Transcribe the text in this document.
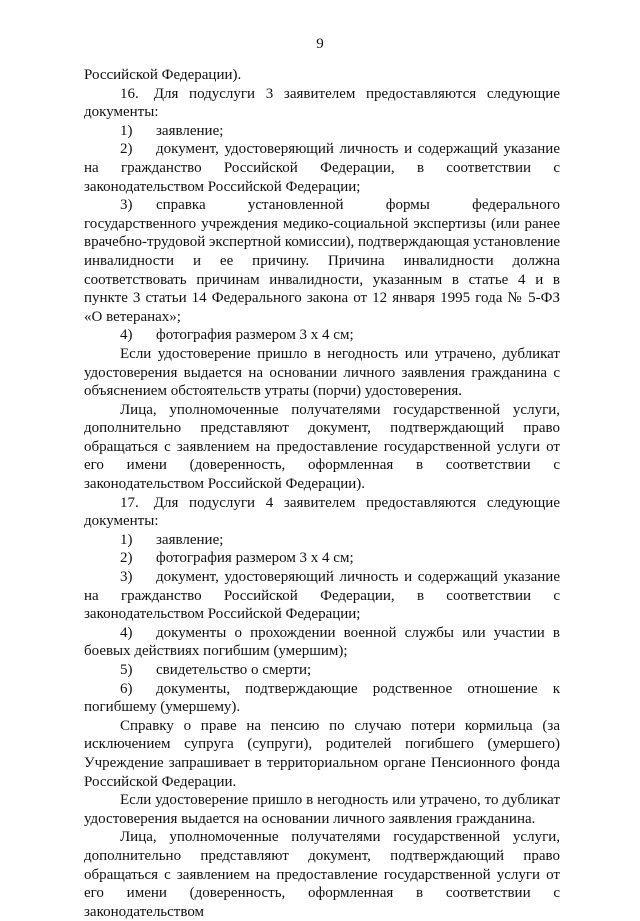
9

Российской Федерации).

16. Для подуслуги 3 заявителем предоставляются следующие документы:

1)	заявление;
2) документ, удостоверяющий личность и содержащий указание на гражданство Российской Федерации, в соответствии с законодательством Российской Федерации;
3) справка установленной формы федерального государственного учреждения медико-социальной экспертизы (или ранее врачебно-трудовой экспертной комиссии), подтверждающая установление инвалидности и ее причину. Причина инвалидности должна соответствовать причинам инвалидности, указанным в статье 4 и в пункте 3 статьи 14 Федерального закона от 12 января 1995 года № 5-ФЗ «О ветеранах»;
4)	фотография размером 3 х 4 см;

Если удостоверение пришло в негодность или утрачено, дубликат удостоверения выдается на основании личного заявления гражданина с объяснением обстоятельств утраты (порчи) удостоверения.

Лица, уполномоченные получателями государственной услуги, дополнительно представляют документ, подтверждающий право обращаться с заявлением на предоставление государственной услуги от его имени (доверенность, оформленная в соответствии с законодательством Российской Федерации).

17. Для подуслуги 4 заявителем предоставляются следующие документы:

1)	заявление;
2)	фотография размером 3 х 4 см;
3) документ, удостоверяющий личность и содержащий указание на гражданство Российской Федерации, в соответствии с законодательством Российской Федерации;
4) документы о прохождении военной службы или участии в боевых действиях погибшим (умершим);
5)	свидетельство о смерти;
6) документы, подтверждающие родственное отношение к погибшему (умершему).

Справку о праве на пенсию по случаю потери кормильца (за исключением супруга (супруги), родителей погибшего (умершего) Учреждение запрашивает в территориальном органе Пенсионного фонда Российской Федерации.

Если удостоверение пришло в негодность или утрачено, то дубликат удостоверения выдается на основании личного заявления гражданина.

Лица, уполномоченные получателями государственной услуги, дополнительно представляют документ, подтверждающий право обращаться с заявлением на предоставление государственной услуги от его имени (доверенность, оформленная в соответствии с законодательством
